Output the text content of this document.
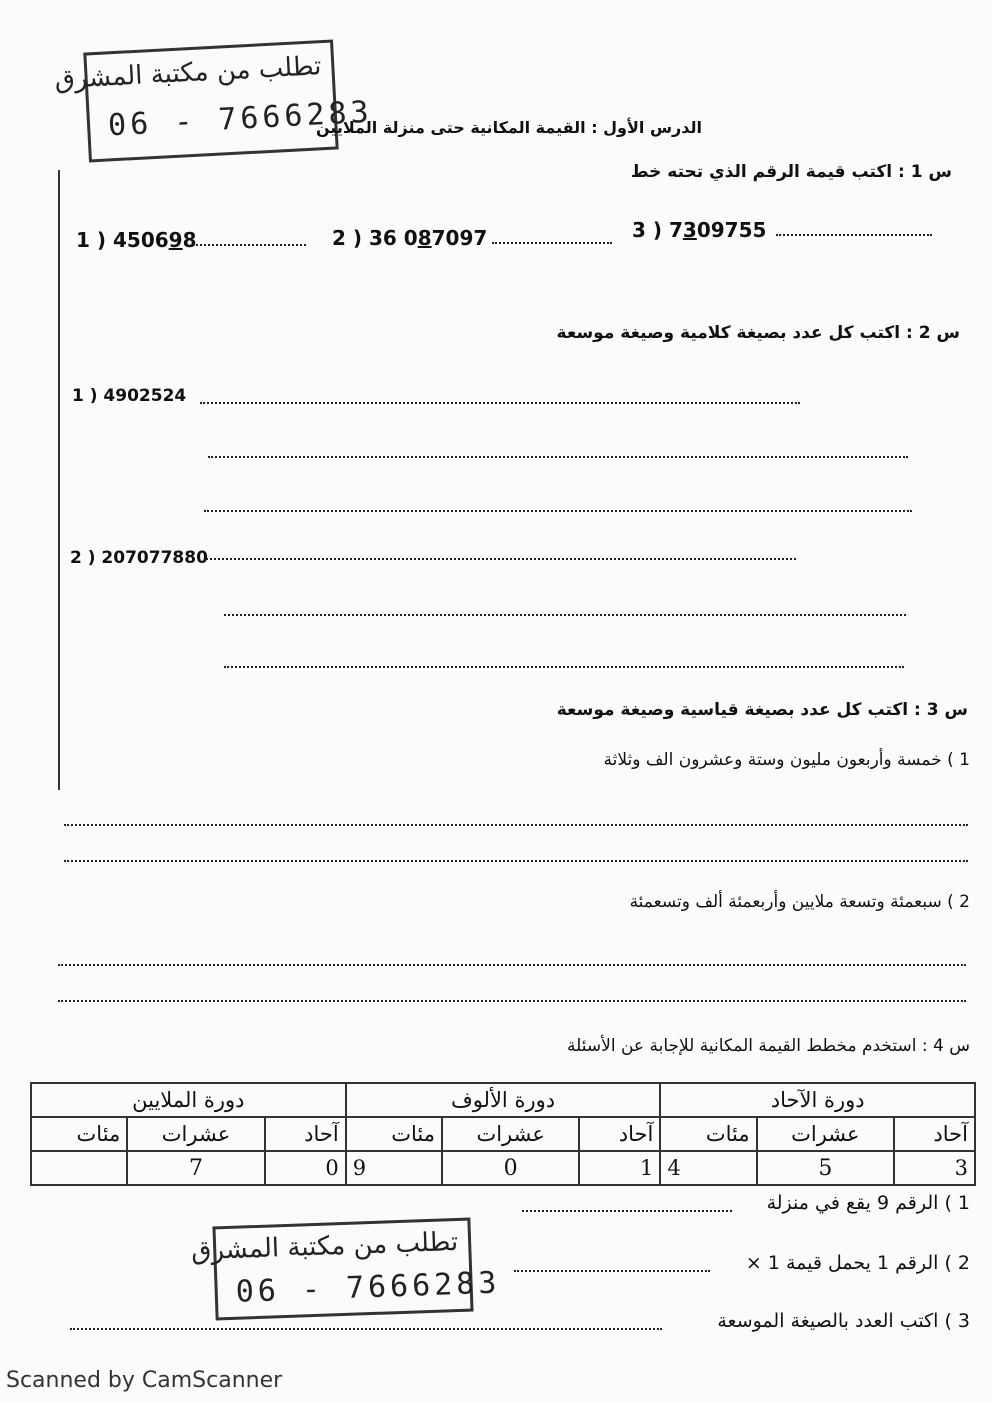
تطلب من مكتبة المشرق
06 - 7666283
الدرس الأول : القيمة المكانية حتى منزلة الملايين
س 1 : اكتب قيمة الرقم الذي تحته خط
1 ) 450698	2 ) 36 087097	3 ) 7309755
س 2 : اكتب كل عدد بصيغة كلامية وصيغة موسعة
1 ) 4902524
2 ) 207077880
س 3 : اكتب كل عدد بصيغة قياسية وصيغة موسعة
1 ) خمسة وأربعون مليون وستة وعشرون الف وثلاثة
2 ) سبعمئة وتسعة ملايين وأربعمئة ألف وتسعمئة
س 4 : استخدم مخطط القيمة المكانية للإجابة عن الأسئلة
دورة الآحاد			دورة الألوف			دورة الملايين		
آحاد	عشرات	مئات	آحاد	عشرات	مئات	آحاد	عشرات	مئات
3	5	4	1	0	9	0	7	
1 ) الرقم 9 يقع في منزلة
2 ) الرقم 1 يحمل قيمة 1 ×
3 ) اكتب العدد بالصيغة الموسعة
تطلب من مكتبة المشرق
06 - 7666283
Scanned by CamScanner
